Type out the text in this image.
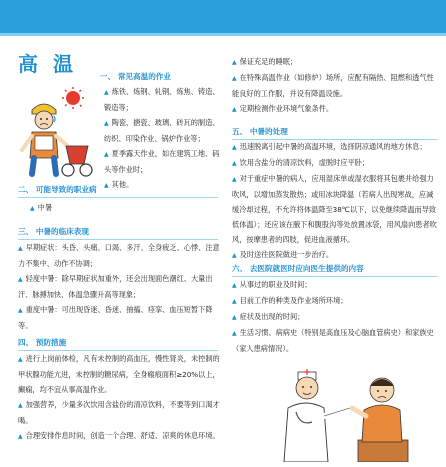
高 温
一、 常见高温的作业

▲ 炼铁、炼钢、轧钢、炼焦、铸造、锻造等；

▲ 陶瓷、搪瓷、玻璃、砖瓦的制造、纺织、印染作业、锅炉作业等；

▲ 夏季露天作业，如在建筑工地、码头等作业时；

▲ 其他。

二、 可能导致的职业病

▲ 中暑

三、 中暑的临床表现

▲ 早期症状：头昏、头痛、口渴、多汗、全身疲乏、心悸、注意力不集中、动作不协调；

▲ 轻度中暑：除早期症状加重外，还会出现面色潮红、大量出汗、脉搏加快、体温急骤升高等现象；

▲ 重度中暑：可出现昏迷、昏迷、抽搐、痉挛、血压短暂下降等。

四、 预防措施

▲ 进行上岗前体检，凡有未控制的高血压，慢性肾炎，未控制的甲状腺功能亢进，未控制的糖尿病，全身瘢痕面积≥20%以上，癫痫，均不宜从事高温作业。

▲ 加强营养，少量多次饮用含盐份的清凉饮料，不要等到口渴才喝。

▲ 合理安排作息时间，创造一个合理、舒适、凉爽的休息环境。

▲ 保证充足的睡眠；

▲ 在特殊高温作业（如修炉）场所，应配有隔热、阻燃和透气性能良好的工作服，并设有降温设施。

▲ 定期检测作业环境气象条件。

五、 中暑的处理

▲ 迅速脱离引起中暑的高温环境，选择阴凉通风的地方休息；

▲ 饮用含盐分的清凉饮料，虚脱时应平卧；

▲ 对于重症中暑的病人，应用湿床单或湿衣服将其包裹并给强力吹风，以增加蒸发散热；或用冰块降温（若病人出现寒战，应减缓冷却过程，不允许将体温降至38℃以下，以免继续降温而导致低体温）；还应该在腋下和腹股沟等处放置冰袋，用风扇向患者吹风，按摩患者的四肢，促进血液循环。

▲ 及时送往医院做进一步治疗。

六、 去医院就医时应向医生提供的内容

▲ 从事过的职业及时间；

▲ 目前工作的种类及作业场所环境；

▲ 症状及出现的时间；

▲ 生活习惯、病病史（特别是高血压及心脑血管病史）和家族史（家人患病情况）。
